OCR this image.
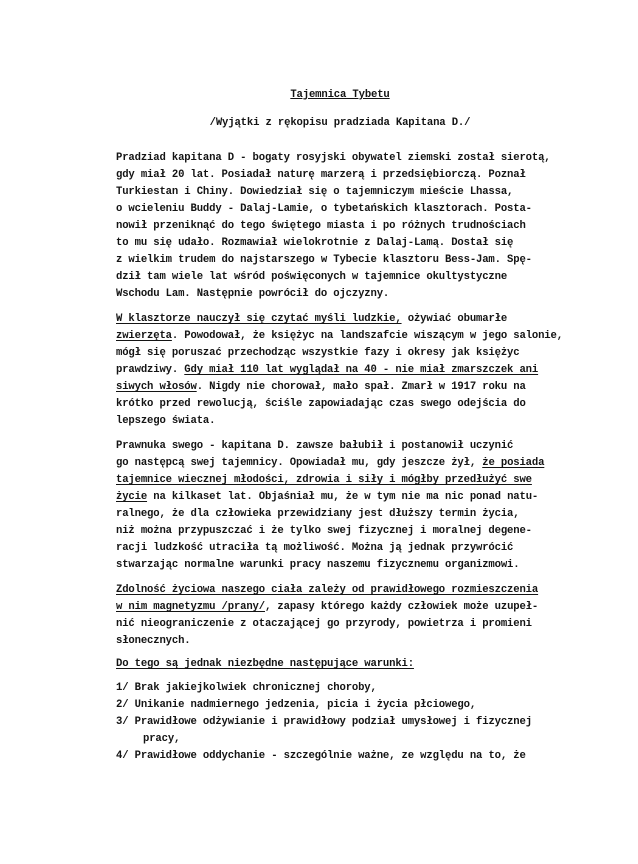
Tajemnica Tybetu
/Wyjątki z rękopisu pradziada Kapitana D./
Pradziad kapitana D - bogaty rosyjski obywatel ziemski został sierotą,
gdy miał 20 lat. Posiadał naturę marzerą i przedsiębiorczą. Poznał
Turkiestan i Chiny. Dowiedział się o tajemniczym mieście Lhassa,
o wcieleniu Buddy - Dalaj-Lamie, o tybetańskich klasztorach. Posta-
nowił przeniknąć do tego świętego miasta i po różnych trudnościach
to mu się udało. Rozmawiał wielokrotnie z Dalaj-Lamą. Dostał się
z wielkim trudem do najstarszego w Tybecie klasztoru Bess-Jam. Spę-
dził tam wiele lat wśród poświęconych w tajemnice okultystyczne
Wschodu Lam. Następnie powrócił do ojczyzny.
W klasztorze nauczył się czytać myśli ludzkie, ożywiać obumarłe
zwierzęta. Powodował, że księżyc na landszafcie wiszącym w jego salonie,
mógł się poruszać przechodząc wszystkie fazy i okresy jak księżyc
prawdziwy. Gdy miał 110 lat wyglądał na 40 - nie miał zmarszczek ani
siwych włosów. Nigdy nie chorował, mało spał. Zmarł w 1917 roku na
krótko przed rewolucją, ściśle zapowiadając czas swego odejścia do
lepszego świata.
Prawnuka swego - kapitana D. zawsze bałubił i postanowił uczynić
go następcą swej tajemnicy. Opowiadał mu, gdy jeszcze żył, że posiada
tajemnice wiecznej młodości, zdrowia i siły i mógłby przedłużyć swe
życie na kilkaset lat. Objaśniał mu, że w tym nie ma nic ponad natu-
ralnego, że dla człowieka przewidziany jest dłuższy termin życia,
niż można przypuszczać i że tylko swej fizycznej i moralnej degene-
racji ludzkość utraciła tą możliwość. Można ją jednak przywrócić
stwarzając normalne warunki pracy naszemu fizycznemu organizmowi.
Zdolność życiowa naszego ciała zależy od prawidłowego rozmieszczenia
w nim magnetyzmu /prany/, zapasy którego każdy człowiek może uzupeł-
nić nieograniczenie z otaczającej go przyrody, powietrza i promieni
słonecznych.
Do tego są jednak niezbędne następujące warunki:
1/ Brak jakiejkolwiek chronicznej choroby,
2/ Unikanie nadmiernego jedzenia, picia i życia płciowego,
3/ Prawidłowe odżywianie i prawidłowy podział umysłowej i fizycznej
pracy,
4/ Prawidłowe oddychanie - szczególnie ważne, ze względu na to, że
